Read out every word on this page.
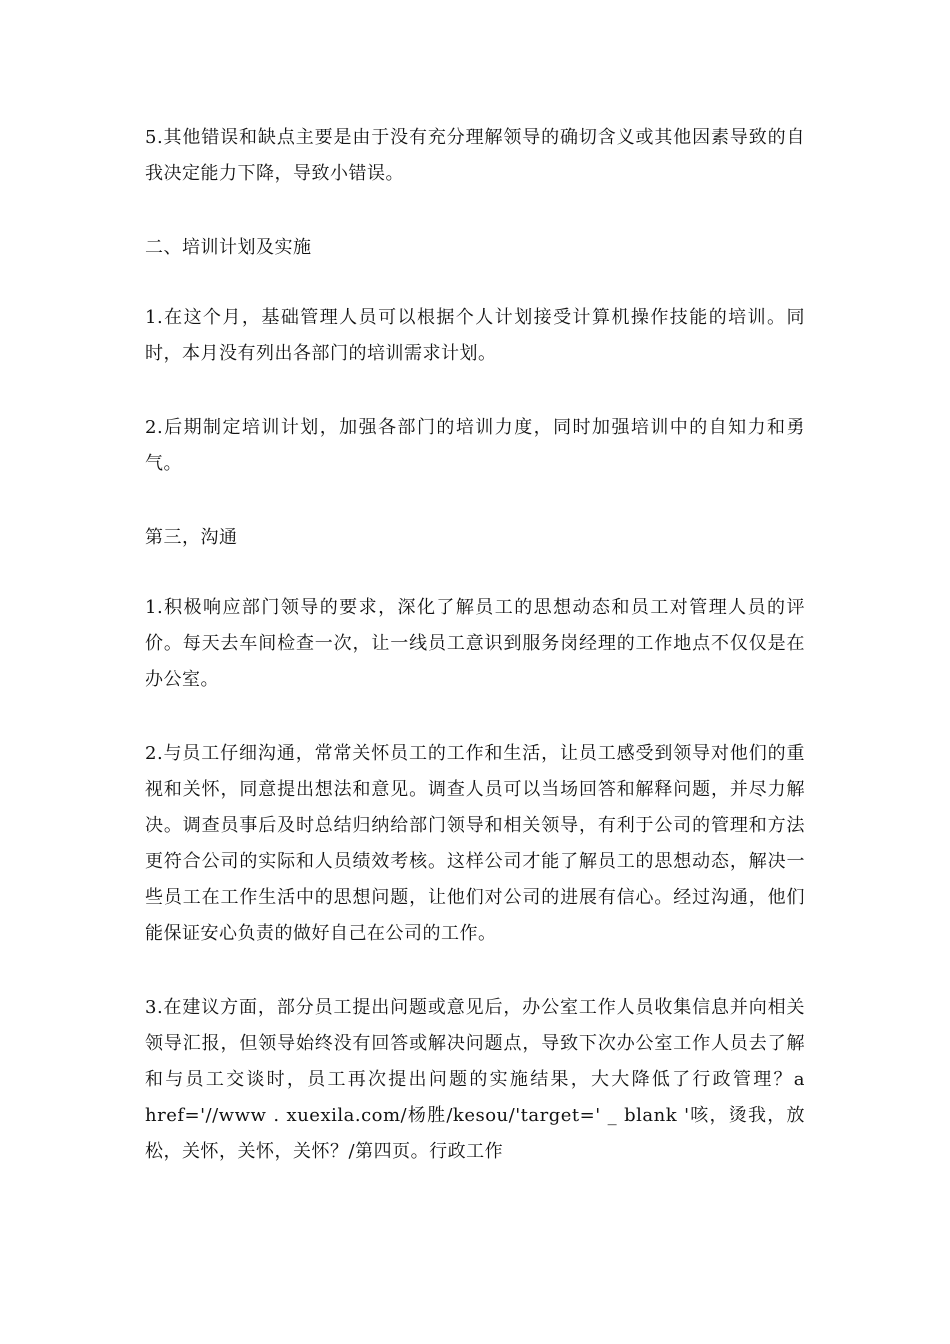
5.其他错误和缺点主要是由于没有充分理解领导的确切含义或其他因素导致的自我决定能力下降，导致小错误。

二、培训计划及实施

1.在这个月，基础管理人员可以根据个人计划接受计算机操作技能的培训。同时，本月没有列出各部门的培训需求计划。

2.后期制定培训计划，加强各部门的培训力度，同时加强培训中的自知力和勇气。

第三，沟通

1.积极响应部门领导的要求，深化了解员工的思想动态和员工对管理人员的评价。每天去车间检查一次，让一线员工意识到服务岗经理的工作地点不仅仅是在办公室。

2.与员工仔细沟通，常常关怀员工的工作和生活，让员工感受到领导对他们的重视和关怀，同意提出想法和意见。调查人员可以当场回答和解释问题，并尽力解决。调查员事后及时总结归纳给部门领导和相关领导，有利于公司的管理和方法更符合公司的实际和人员绩效考核。这样公司才能了解员工的思想动态，解决一些员工在工作生活中的思想问题，让他们对公司的进展有信心。经过沟通，他们能保证安心负责的做好自己在公司的工作。

3.在建议方面，部分员工提出问题或意见后，办公室工作人员收集信息并向相关领导汇报，但领导始终没有回答或解决问题点，导致下次办公室工作人员去了解和与员工交谈时，员工再次提出问题的实施结果，大大降低了行政管理？a href='//www . xuexila.com/杨胜/kesou/'target=' _ blank '咳，烫我，放松，关怀，关怀，关怀？/第四页。行政工作
